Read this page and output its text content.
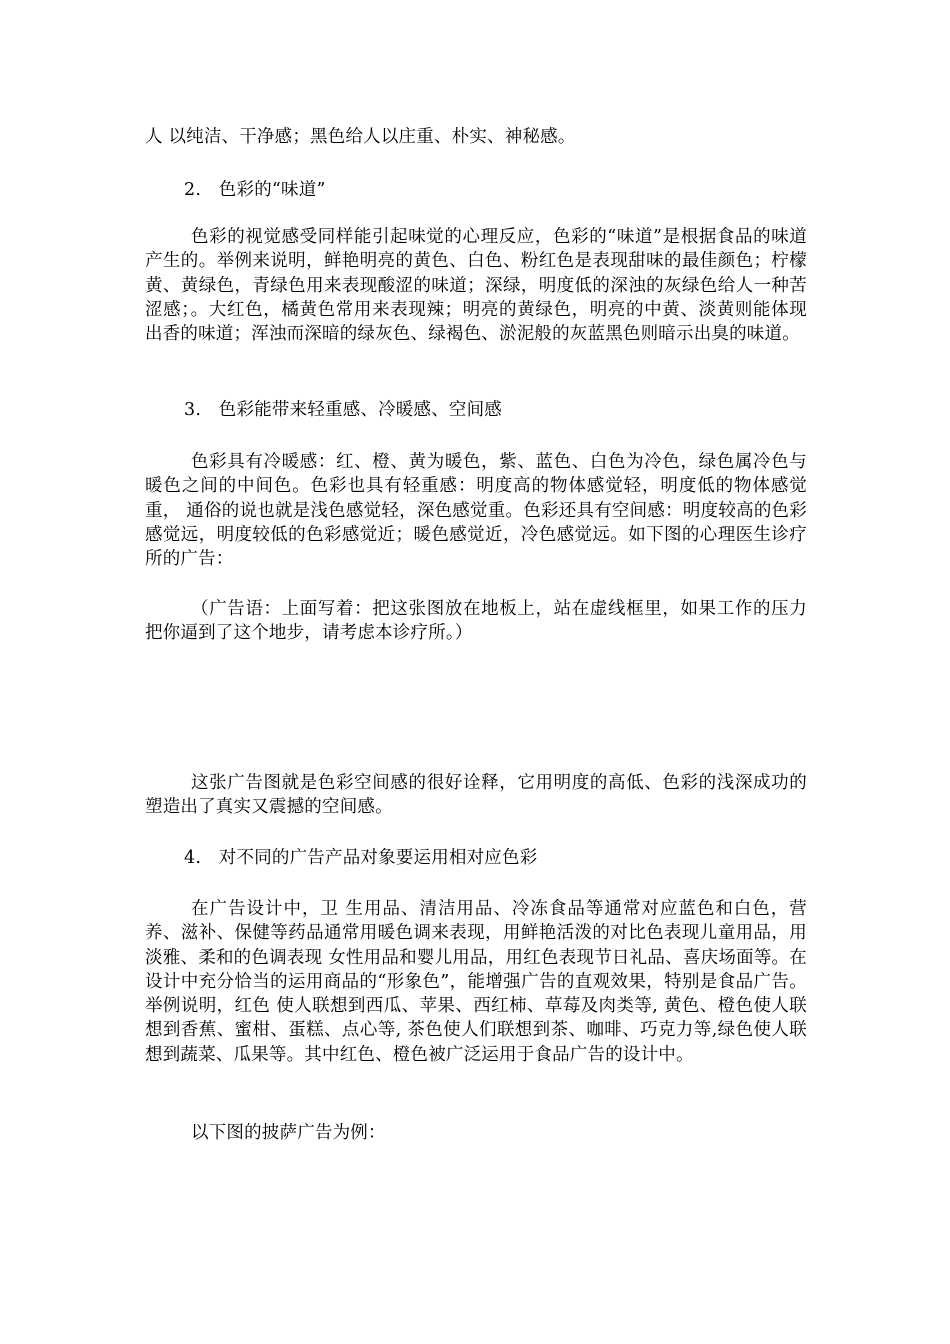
人 以纯洁、干净感；黑色给人以庄重、朴实、神秘感。
2.　色彩的“味道”
色彩的视觉感受同样能引起味觉的心理反应，色彩的“味道”是根据食品的味道产生的。举例来说明，鲜艳明亮的黄色、白色、粉红色是表现甜味的最佳颜色；柠檬黄、黄绿色，青绿色用来表现酸涩的味道；深绿，明度低的深浊的灰绿色给人一种苦涩感；。大红色，橘黄色常用来表现辣；明亮的黄绿色，明亮的中黄、淡黄则能体现出香的味道；浑浊而深暗的绿灰色、绿褐色、淤泥般的灰蓝黑色则暗示出臭的味道。
3.　色彩能带来轻重感、冷暖感、空间感
色彩具有冷暖感：红、橙、黄为暖色，紫、蓝色、白色为冷色，绿色属冷色与暖色之间的中间色。色彩也具有轻重感：明度高的物体感觉轻，明度低的物体感觉重， 通俗的说也就是浅色感觉轻，深色感觉重。色彩还具有空间感：明度较高的色彩感觉远，明度较低的色彩感觉近；暖色感觉近，冷色感觉远。如下图的心理医生诊疗 所的广告：
（广告语：上面写着：把这张图放在地板上，站在虚线框里，如果工作的压力把你逼到了这个地步，请考虑本诊疗所。）
这张广告图就是色彩空间感的很好诠释，它用明度的高低、色彩的浅深成功的塑造出了真实又震撼的空间感。
4.　对不同的广告产品对象要运用相对应色彩
在广告设计中，卫 生用品、清洁用品、冷冻食品等通常对应蓝色和白色，营养、滋补、保健等药品通常用暖色调来表现，用鲜艳活泼的对比色表现儿童用品，用淡雅、柔和的色调表现 女性用品和婴儿用品，用红色表现节日礼品、喜庆场面等。在设计中充分恰当的运用商品的“形象色”，能增强广告的直观效果，特别是食品广告。举例说明，红色 使人联想到西瓜、苹果、西红柿、草莓及肉类等, 黄色、橙色使人联想到香蕉、蜜柑、蛋糕、点心等, 茶色使人们联想到茶、咖啡、巧克力等,绿色使人联想到蔬菜、瓜果等。其中红色、橙色被广泛运用于食品广告的设计中。
以下图的披萨广告为例：
